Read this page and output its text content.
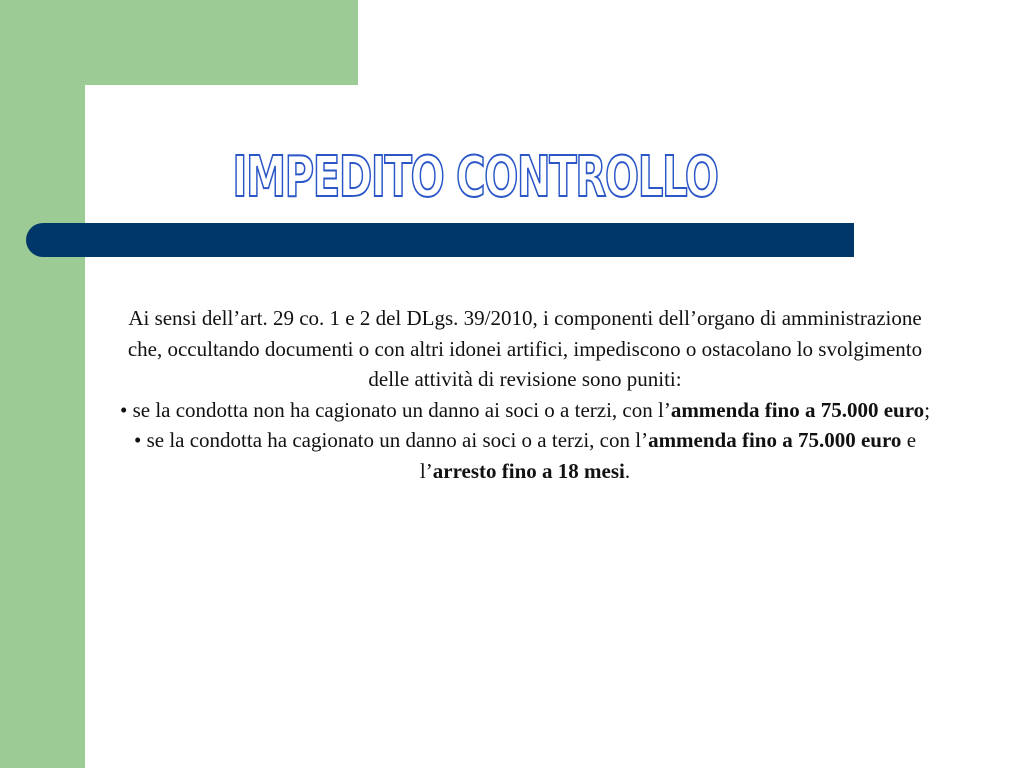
IMPEDITO CONTROLLO

Ai sensi dell’art. 29 co. 1 e 2 del DLgs. 39/2010, i componenti dell’organo di amministrazione che, occultando documenti o con altri idonei artifici, impediscono o ostacolano lo svolgimento delle attività di revisione sono puniti:

• se la condotta non ha cagionato un danno ai soci o a terzi, con l’ammenda fino a 75.000 euro;

• se la condotta ha cagionato un danno ai soci o a terzi, con l’ammenda fino a 75.000 euro e l’arresto fino a 18 mesi.
